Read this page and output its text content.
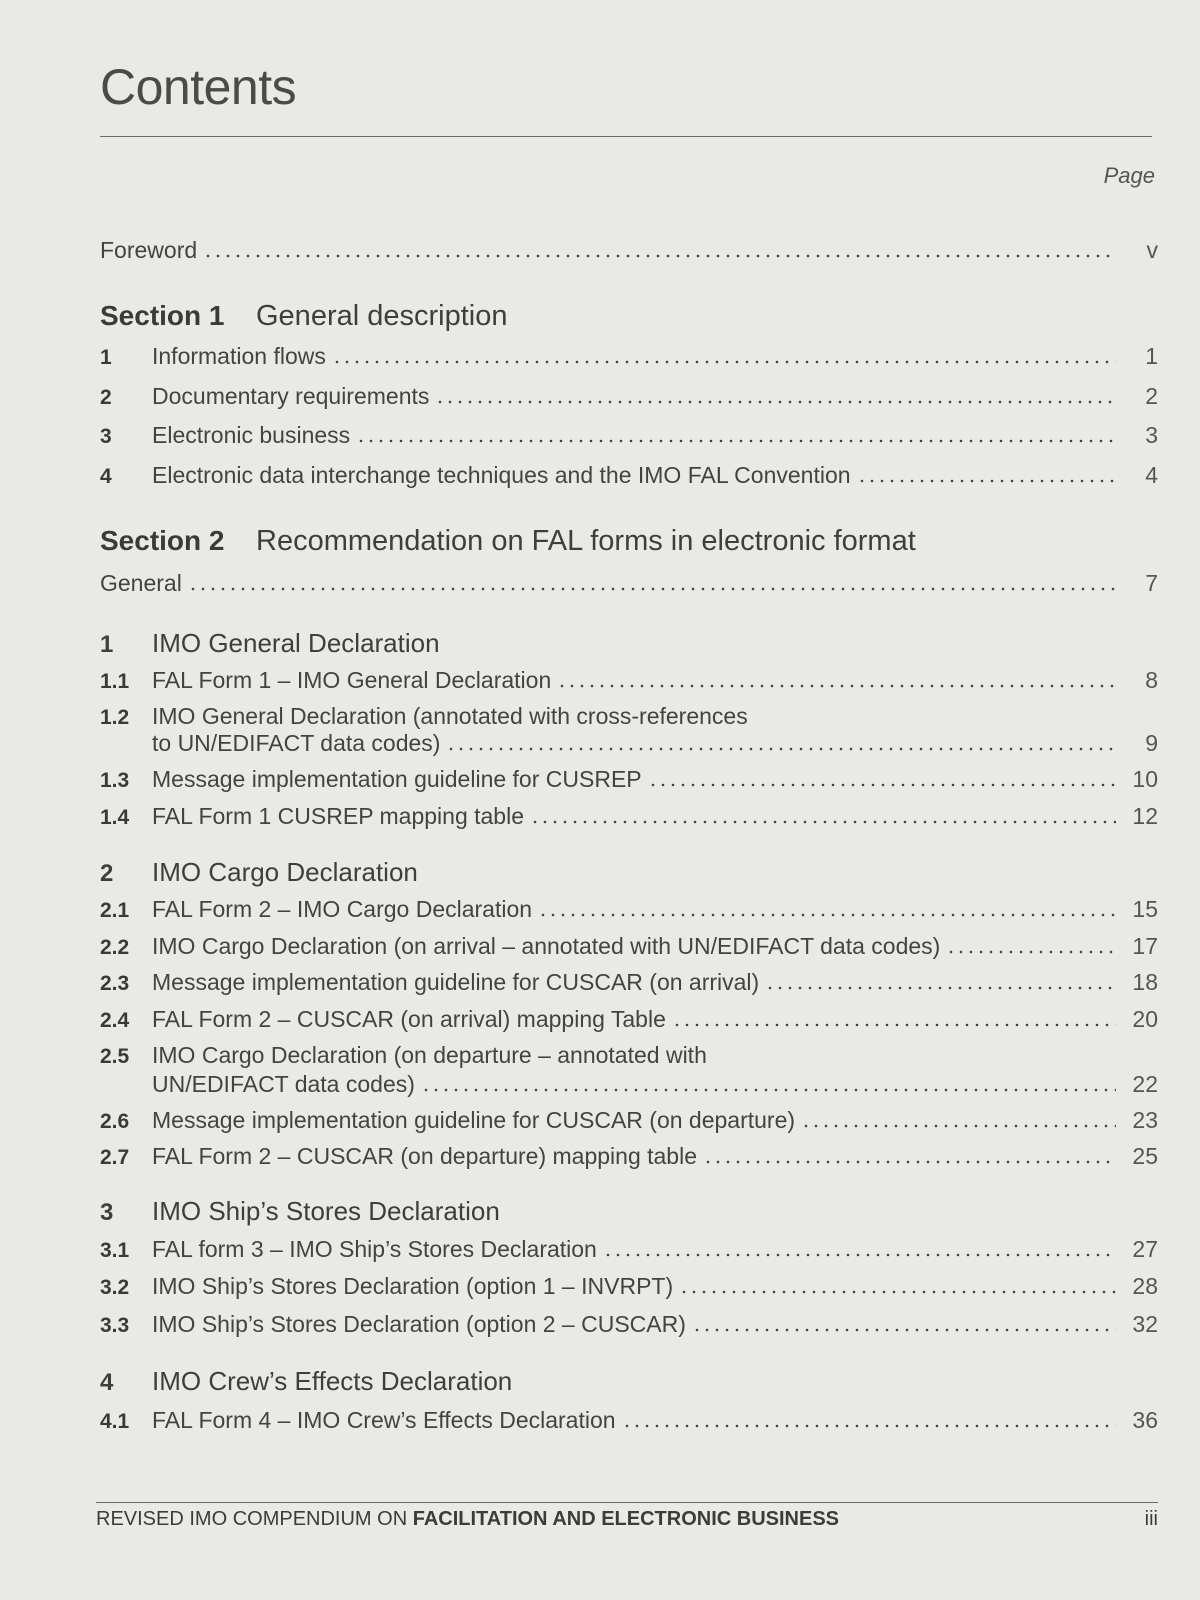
Contents
Page
Foreword	v
Section 1	General description
1	Information flows	1
2	Documentary requirements	2
3	Electronic business	3
4	Electronic data interchange techniques and the IMO FAL Convention	4
Section 2	Recommendation on FAL forms in electronic format
General	7
1	IMO General Declaration
1.1 FAL Form 1 – IMO General Declaration	8
1.2 IMO General Declaration (annotated with cross-references
to UN/EDIFACT data codes)	9
1.3 Message implementation guideline for CUSREP	10
1.4 FAL Form 1 CUSREP mapping table	12
2	IMO Cargo Declaration
2.1 FAL Form 2 – IMO Cargo Declaration	15
2.2 IMO Cargo Declaration (on arrival – annotated with UN/EDIFACT data codes)	17
2.3 Message implementation guideline for CUSCAR (on arrival)	18
2.4 FAL Form 2 – CUSCAR (on arrival) mapping Table	20
2.5 IMO Cargo Declaration (on departure – annotated with
UN/EDIFACT data codes)	22
2.6 Message implementation guideline for CUSCAR (on departure)	23
2.7 FAL Form 2 – CUSCAR (on departure) mapping table	25
3	IMO Ship’s Stores Declaration
3.1 FAL form 3 – IMO Ship’s Stores Declaration	27
3.2 IMO Ship’s Stores Declaration (option 1 – INVRPT)	28
3.3 IMO Ship’s Stores Declaration (option 2 – CUSCAR)	32
4	IMO Crew’s Effects Declaration
4.1 FAL Form 4 – IMO Crew’s Effects Declaration	36
REVISED IMO COMPENDIUM ON FACILITATION AND ELECTRONIC BUSINESS	iii
